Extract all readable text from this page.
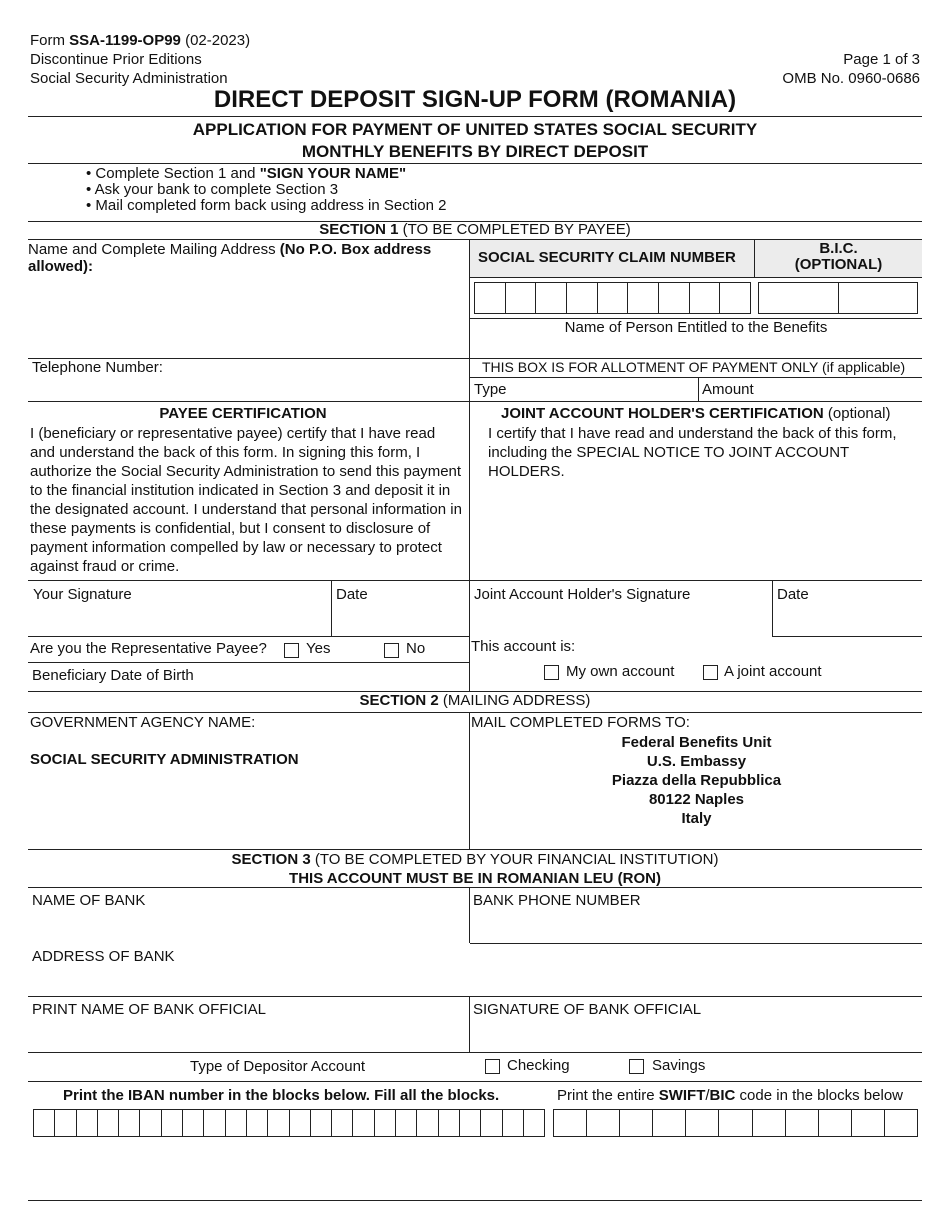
Form SSA-1199-OP99 (02-2023)
Discontinue Prior Editions
Social Security Administration
Page 1 of 3
OMB No. 0960-0686
DIRECT DEPOSIT SIGN-UP FORM (ROMANIA)
APPLICATION FOR PAYMENT OF UNITED STATES SOCIAL SECURITY
MONTHLY BENEFITS BY DIRECT DEPOSIT
• Complete Section 1 and "SIGN YOUR NAME"
• Ask your bank to complete Section 3
• Mail completed form back using address in Section 2
SECTION 1 (TO BE COMPLETED BY PAYEE)
Name and Complete Mailing Address (No P.O. Box address allowed):
SOCIAL SECURITY CLAIM NUMBER
B.I.C.
(OPTIONAL)
Name of Person Entitled to the Benefits
Telephone Number:	THIS BOX IS FOR ALLOTMENT OF PAYMENT ONLY (if applicable)
Type	Amount
PAYEE CERTIFICATION
I (beneficiary or representative payee) certify that I have read and understand the back of this form. In signing this form, I authorize the Social Security Administration to send this payment to the financial institution indicated in Section 3 and deposit it in the designated account. I understand that personal information in these payments is confidential, but I consent to disclosure of payment information compelled by law or necessary to protect against fraud or crime.
JOINT ACCOUNT HOLDER'S CERTIFICATION (optional)
I certify that I have read and understand the back of this form, including the SPECIAL NOTICE TO JOINT ACCOUNT HOLDERS.
Your Signature	Date	Joint Account Holder's Signature	Date
Are you the Representative Payee?	Yes	No
Beneficiary Date of Birth
This account is:
My own account	A joint account
SECTION 2 (MAILING ADDRESS)
GOVERNMENT AGENCY NAME:
SOCIAL SECURITY ADMINISTRATION
MAIL COMPLETED FORMS TO:
Federal Benefits Unit
U.S. Embassy
Piazza della Repubblica
80122 Naples
Italy
SECTION 3 (TO BE COMPLETED BY YOUR FINANCIAL INSTITUTION)
THIS ACCOUNT MUST BE IN ROMANIAN LEU (RON)
NAME OF BANK	BANK PHONE NUMBER
ADDRESS OF BANK
PRINT NAME OF BANK OFFICIAL	SIGNATURE OF BANK OFFICIAL
Type of Depositor Account	Checking	Savings
Print the IBAN number in the blocks below. Fill all the blocks.	Print the entire SWIFT/BIC code in the blocks below
